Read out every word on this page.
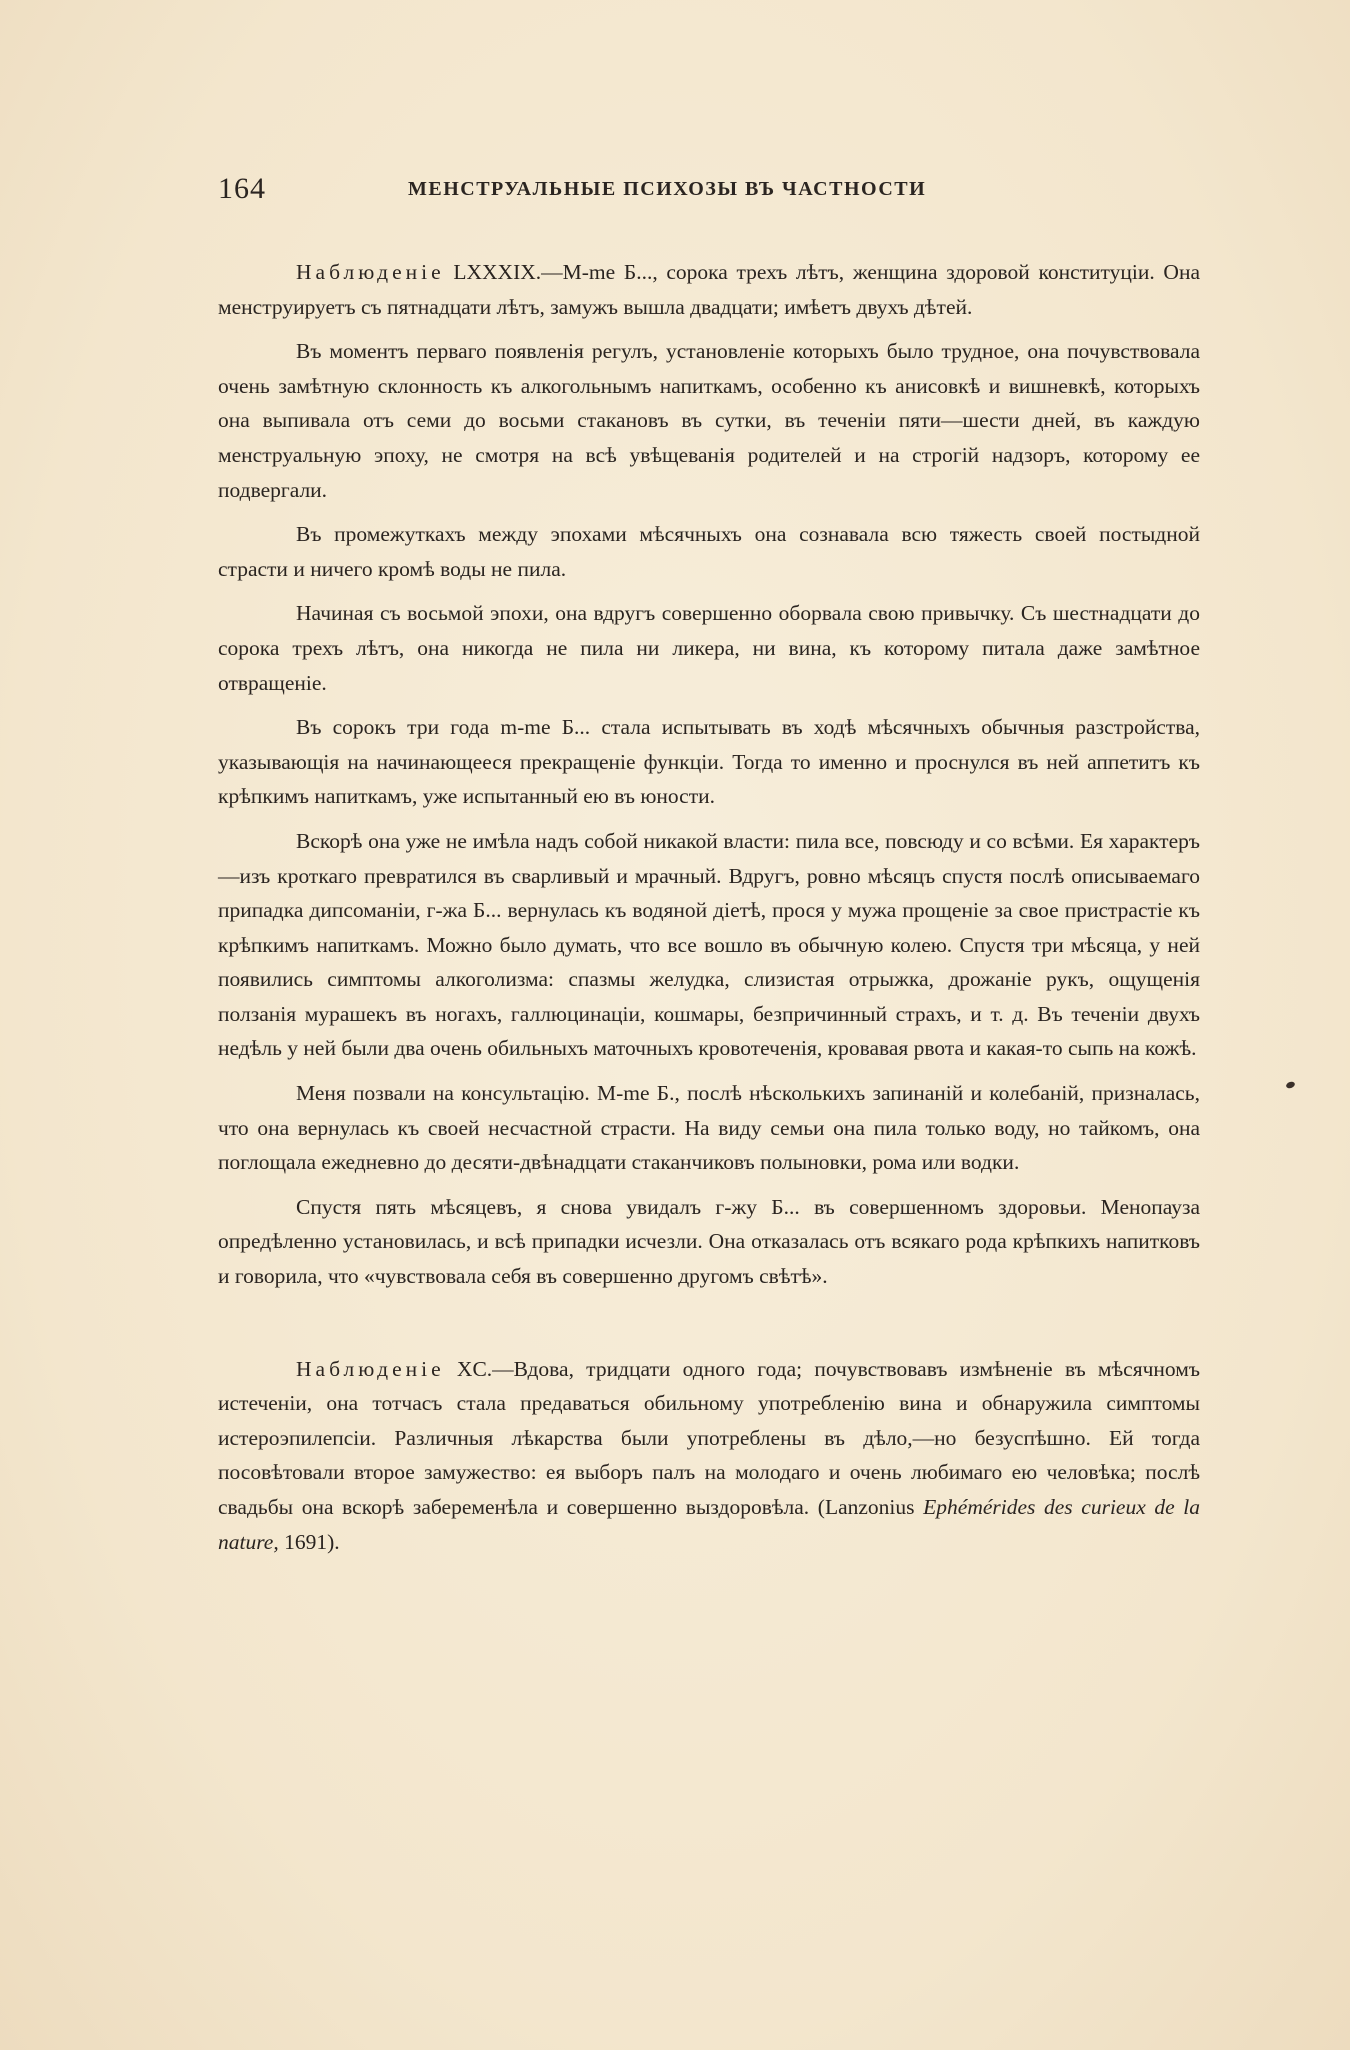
164	МЕНСТРУАЛЬНЫЕ ПСИХОЗЫ ВЪ ЧАСТНОСТИ

Наблюденіе LXXXIX.—M-me Б..., сорока трехъ лѣтъ, женщина здоровой конституціи. Она менструируетъ съ пятнадцати лѣтъ, замужъ вышла двадцати; имѣетъ двухъ дѣтей.

Въ моментъ перваго появленія регулъ, установленіе которыхъ было трудное, она почувствовала очень замѣтную склонность къ алкогольнымъ напиткамъ, особенно къ анисовкѣ и вишневкѣ, которыхъ она выпивала отъ семи до восьми стакановъ въ сутки, въ теченіи пяти—шести дней, въ каждую менструальную эпоху, не смотря на всѣ увѣщеванія родителей и на строгій надзоръ, которому ее подвергали.

Въ промежуткахъ между эпохами мѣсячныхъ она сознавала всю тяжесть своей постыдной страсти и ничего кромѣ воды не пила.

Начиная съ восьмой эпохи, она вдругъ совершенно оборвала свою привычку. Съ шестнадцати до сорока трехъ лѣтъ, она никогда не пила ни ликера, ни вина, къ которому питала даже замѣтное отвращеніе.

Въ сорокъ три года m-me Б... стала испытывать въ ходѣ мѣсячныхъ обычныя разстройства, указывающія на начинающееся прекращеніе функціи. Тогда то именно и проснулся въ ней аппетитъ къ крѣпкимъ напиткамъ, уже испытанный ею въ юности.

Вскорѣ она уже не имѣла надъ собой никакой власти: пила все, повсюду и со всѣми. Ея характеръ—изъ кроткаго превратился въ сварливый и мрачный. Вдругъ, ровно мѣсяцъ спустя послѣ описываемаго припадка дипсоманіи, г-жа Б... вернулась къ водяной діетѣ, прося у мужа прощеніе за свое пристрастіе къ крѣпкимъ напиткамъ. Можно было думать, что все вошло въ обычную колею. Спустя три мѣсяца, у ней появились симптомы алкоголизма: спазмы желудка, слизистая отрыжка, дрожаніе рукъ, ощущенія ползанія мурашекъ въ ногахъ, галлюцинаціи, кошмары, безпричинный страхъ, и т. д. Въ теченіи двухъ недѣль у ней были два очень обильныхъ маточныхъ кровотеченія, кровавая рвота и какая-то сыпь на кожѣ.

Меня позвали на консультацію. M-me Б., послѣ нѣсколькихъ запинаній и колебаній, призналась, что она вернулась къ своей несчастной страсти. На виду семьи она пила только воду, но тайкомъ, она поглощала ежедневно до десяти-двѣнадцати стаканчиковъ полыновки, рома или водки.

Спустя пять мѣсяцевъ, я снова увидалъ г-жу Б... въ совершенномъ здоровьи. Менопауза опредѣленно установилась, и всѣ припадки исчезли. Она отказалась отъ всякаго рода крѣпкихъ напитковъ и говорила, что «чувствовала себя въ совершенно другомъ свѣтѣ».

Наблюденіе XC.—Вдова, тридцати одного года; почувствовавъ измѣненіе въ мѣсячномъ истеченіи, она тотчасъ стала предаваться обильному употребленію вина и обнаружила симптомы истероэпилепсіи. Различныя лѣкарства были употреблены въ дѣло,—но безуспѣшно. Ей тогда посовѣтовали второе замужество: ея выборъ палъ на молодаго и очень любимаго ею человѣка; послѣ свадьбы она вскорѣ забеременѣла и совершенно выздоровѣла. (Lanzonius Ephémérides des curieux de la nature, 1691).
